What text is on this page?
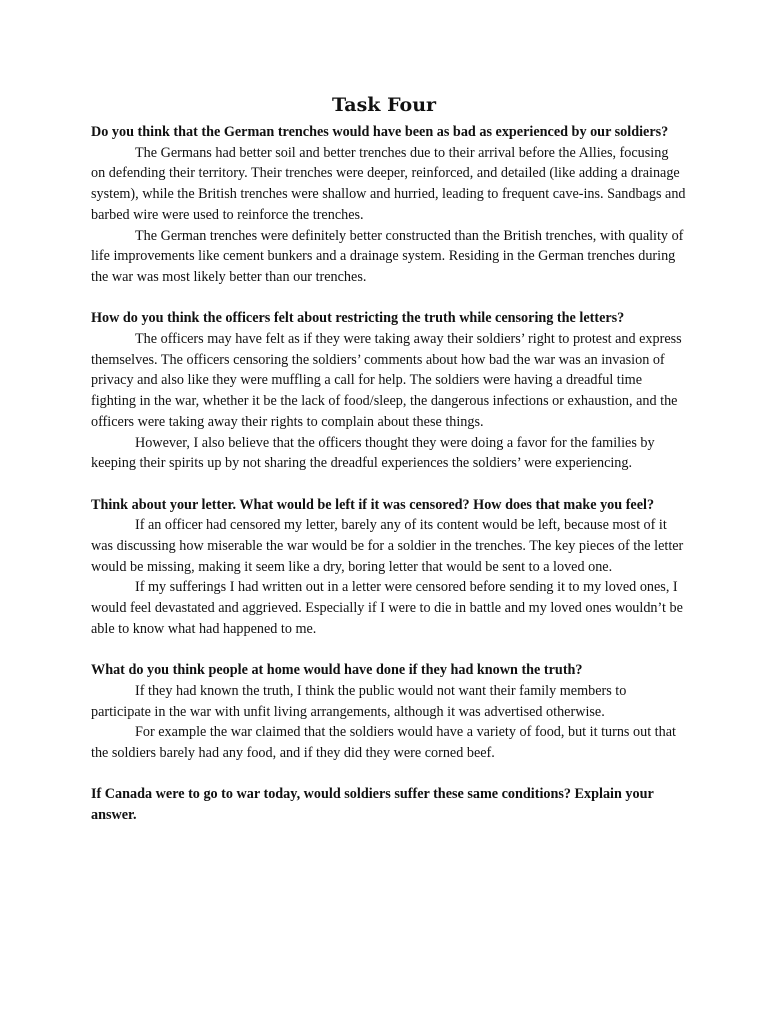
Task Four

Do you think that the German trenches would have been as bad as experienced by our soldiers?

The Germans had better soil and better trenches due to their arrival before the Allies, focusing on defending their territory. Their trenches were deeper, reinforced, and detailed (like adding a drainage system), while the British trenches were shallow and hurried, leading to frequent cave-ins. Sandbags and barbed wire were used to reinforce the trenches.

The German trenches were definitely better constructed than the British trenches, with quality of life improvements like cement bunkers and a drainage system. Residing in the German trenches during the war was most likely better than our trenches.

How do you think the officers felt about restricting the truth while censoring the letters?

The officers may have felt as if they were taking away their soldiers’ right to protest and express themselves. The officers censoring the soldiers’ comments about how bad the war was an invasion of privacy and also like they were muffling a call for help. The soldiers were having a dreadful time fighting in the war, whether it be the lack of food/sleep, the dangerous infections or exhaustion, and the officers were taking away their rights to complain about these things.

However, I also believe that the officers thought they were doing a favor for the families by keeping their spirits up by not sharing the dreadful experiences the soldiers’ were experiencing.

Think about your letter. What would be left if it was censored? How does that make you feel?

If an officer had censored my letter, barely any of its content would be left, because most of it was discussing how miserable the war would be for a soldier in the trenches. The key pieces of the letter would be missing, making it seem like a dry, boring letter that would be sent to a loved one.

If my sufferings I had written out in a letter were censored before sending it to my loved ones, I would feel devastated and aggrieved. Especially if I were to die in battle and my loved ones wouldn’t be able to know what had happened to me.

What do you think people at home would have done if they had known the truth?

If they had known the truth, I think the public would not want their family members to participate in the war with unfit living arrangements, although it was advertised otherwise.

For example the war claimed that the soldiers would have a variety of food, but it turns out that the soldiers barely had any food, and if they did they were corned beef.

If Canada were to go to war today, would soldiers suffer these same conditions? Explain your answer.
